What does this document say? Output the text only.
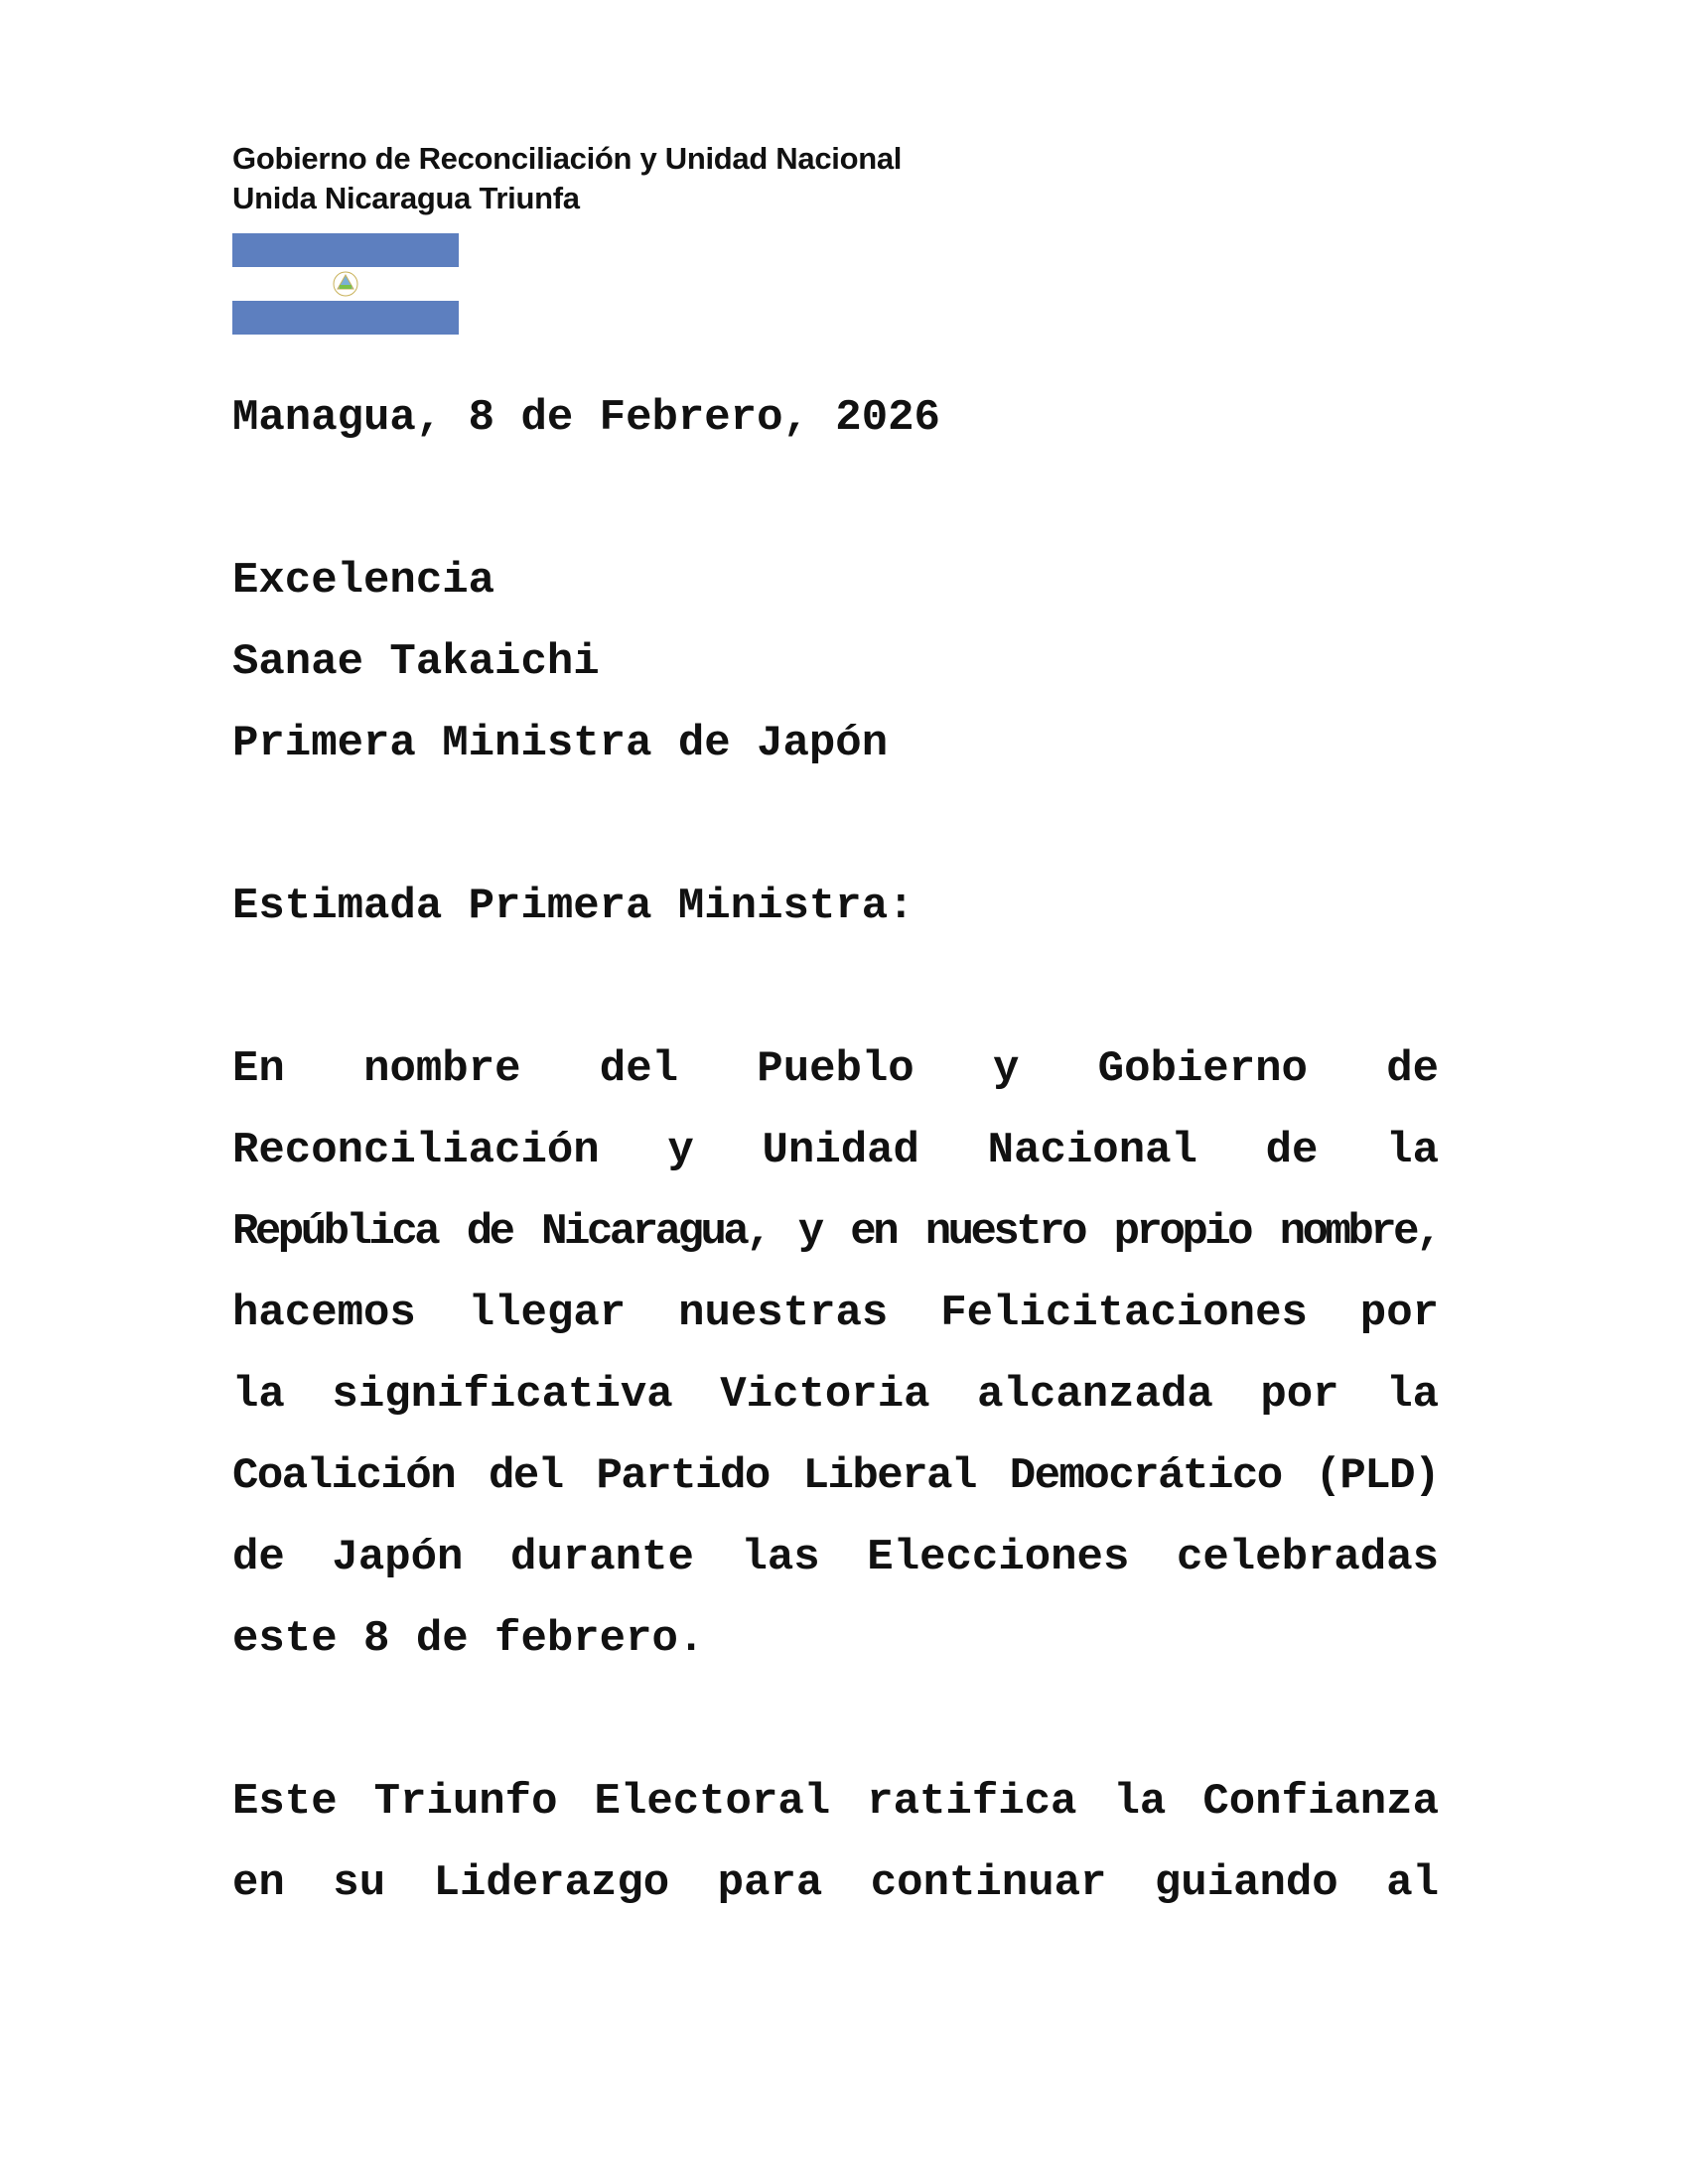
Gobierno de Reconciliación y Unidad Nacional
Unida Nicaragua Triunfa
Managua, 8 de Febrero, 2026
Excelencia
Sanae Takaichi
Primera Ministra de Japón
Estimada Primera Ministra:
En nombre del Pueblo y Gobierno de
Reconciliación y Unidad Nacional de la
República de Nicaragua, y en nuestro propio nombre,
hacemos llegar nuestras Felicitaciones por
la significativa Victoria alcanzada por la
Coalición del Partido Liberal Democrático (PLD)
de Japón durante las Elecciones celebradas
este 8 de febrero.
Este Triunfo Electoral ratifica la Confianza
en su Liderazgo para continuar guiando al
